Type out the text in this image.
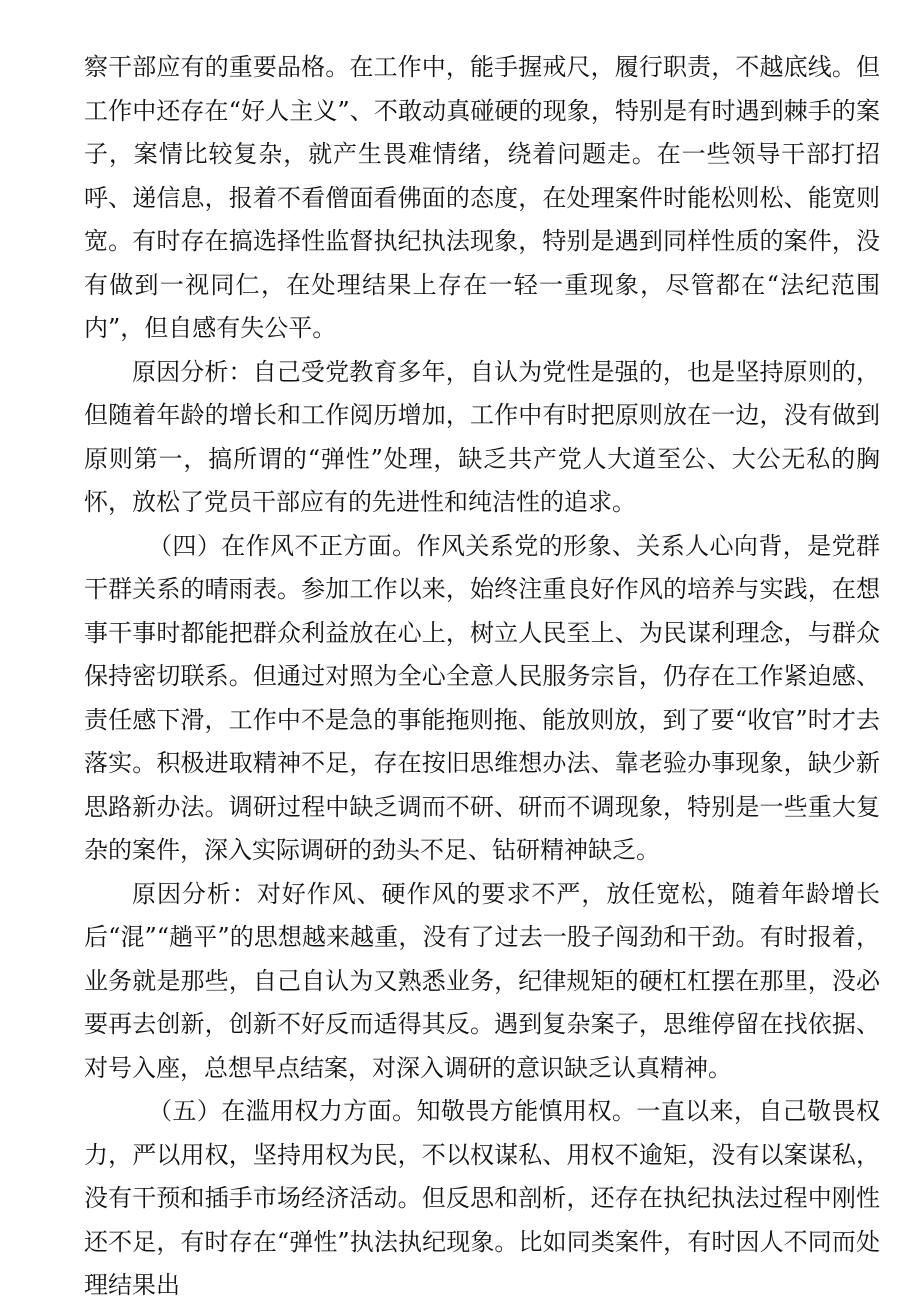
察干部应有的重要品格。在工作中，能手握戒尺，履行职责，不越底线。但工作中还存在“好人主义”、不敢动真碰硬的现象，特别是有时遇到棘手的案子，案情比较复杂，就产生畏难情绪，绕着问题走。在一些领导干部打招呼、递信息，报着不看僧面看佛面的态度，在处理案件时能松则松、能宽则宽。有时存在搞选择性监督执纪执法现象，特别是遇到同样性质的案件，没有做到一视同仁，在处理结果上存在一轻一重现象，尽管都在“法纪范围内”，但自感有失公平。

原因分析：自己受党教育多年，自认为党性是强的，也是坚持原则的，但随着年龄的增长和工作阅历增加，工作中有时把原则放在一边，没有做到原则第一，搞所谓的“弹性”处理，缺乏共产党人大道至公、大公无私的胸怀，放松了党员干部应有的先进性和纯洁性的追求。

（四）在作风不正方面。作风关系党的形象、关系人心向背，是党群干群关系的晴雨表。参加工作以来，始终注重良好作风的培养与实践，在想事干事时都能把群众利益放在心上，树立人民至上、为民谋利理念，与群众保持密切联系。但通过对照为全心全意人民服务宗旨，仍存在工作紧迫感、责任感下滑，工作中不是急的事能拖则拖、能放则放，到了要“收官”时才去落实。积极进取精神不足，存在按旧思维想办法、靠老验办事现象，缺少新思路新办法。调研过程中缺乏调而不研、研而不调现象，特别是一些重大复杂的案件，深入实际调研的劲头不足、钻研精神缺乏。

原因分析：对好作风、硬作风的要求不严，放任宽松，随着年龄增长后“混”“趟平”的思想越来越重，没有了过去一股子闯劲和干劲。有时报着，业务就是那些，自己自认为又熟悉业务，纪律规矩的硬杠杠摆在那里，没必要再去创新，创新不好反而适得其反。遇到复杂案子，思维停留在找依据、对号入座，总想早点结案，对深入调研的意识缺乏认真精神。

（五）在滥用权力方面。知敬畏方能慎用权。一直以来，自己敬畏权力，严以用权，坚持用权为民，不以权谋私、用权不逾矩，没有以案谋私，没有干预和插手市场经济活动。但反思和剖析，还存在执纪执法过程中刚性还不足，有时存在“弹性”执法执纪现象。比如同类案件，有时因人不同而处理结果出
